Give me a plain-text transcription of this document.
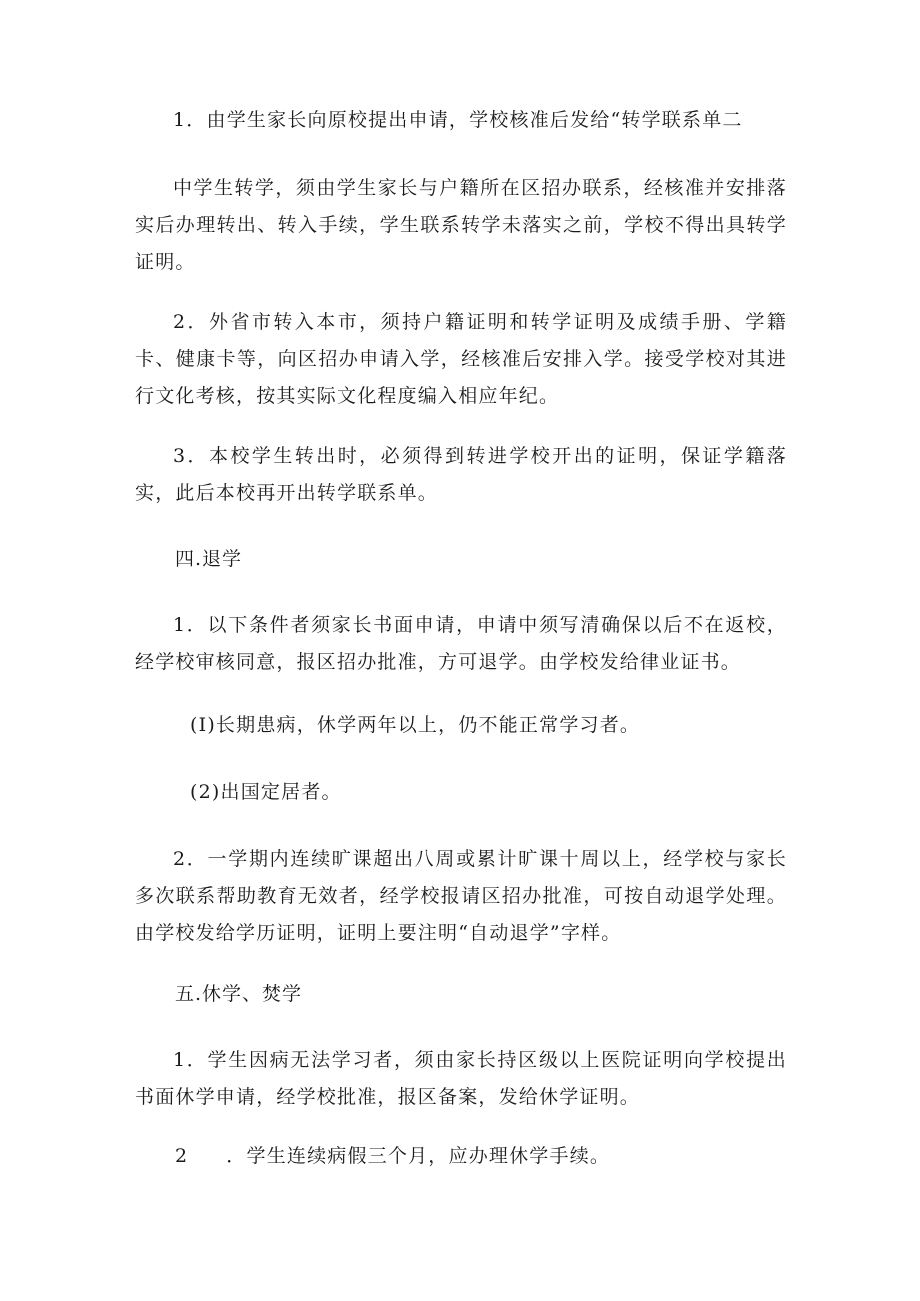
1．由学生家长向原校提出申请，学校核准后发给“转学联系单二

中学生转学，须由学生家长与户籍所在区招办联系，经核准并安排落实后办理转出、转入手续，学生联系转学未落实之前，学校不得出具转学证明。

2．外省市转入本市，须持户籍证明和转学证明及成绩手册、学籍卡、健康卡等，向区招办申请入学，经核准后安排入学。接受学校对其进行文化考核，按其实际文化程度编入相应年纪。

3．本校学生转出时，必须得到转进学校开出的证明，保证学籍落实，此后本校再开出转学联系单。

四.退学

1．以下条件者须家长书面申请，申请中须写清确保以后不在返校，经学校审核同意，报区招办批准，方可退学。由学校发给律业证书。

(I)长期患病，休学两年以上，仍不能正常学习者。

(2)出国定居者。

2．一学期内连续旷课超出八周或累计旷课十周以上，经学校与家长多次联系帮助教育无效者，经学校报请区招办批准，可按自动退学处理。由学校发给学历证明，证明上要注明“自动退学”字样。

五.休学、焚学

1．学生因病无法学习者，须由家长持区级以上医院证明向学校提出书面休学申请，经学校批准，报区备案，发给休学证明。

2 ．学生连续病假三个月，应办理休学手续。
